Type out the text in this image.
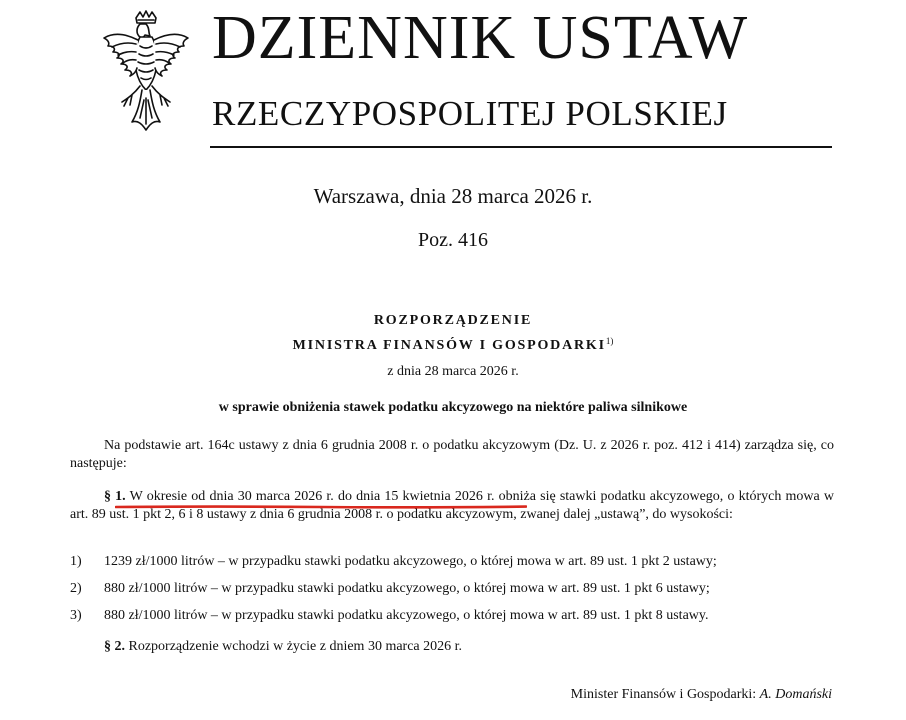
DZIENNIK USTAW
RZECZYPOSPOLITEJ POLSKIEJ
Warszawa, dnia 28 marca 2026 r.
Poz. 416
ROZPORZĄDZENIE
MINISTRA FINANSÓW I GOSPODARKI$^{1)}$
z dnia 28 marca 2026 r.
w sprawie obniżenia stawek podatku akcyzowego na niektóre paliwa silnikowe
Na podstawie art. 164c ustawy z dnia 6 grudnia 2008 r. o podatku akcyzowym (Dz. U. z 2026 r. poz. 412 i 414) zarządza się, co następuje:
§ 1. W okresie od dnia 30 marca 2026 r. do dnia 15 kwietnia 2026 r. obniża się stawki podatku akcyzowego, o których mowa w art. 89 ust. 1 pkt 2, 6 i 8 ustawy z dnia 6 grudnia 2008 r. o podatku akcyzowym, zwanej dalej „ustawą”, do wysokości:
1) 1239 zł/1000 litrów – w przypadku stawki podatku akcyzowego, o której mowa w art. 89 ust. 1 pkt 2 ustawy;
2) 880 zł/1000 litrów – w przypadku stawki podatku akcyzowego, o której mowa w art. 89 ust. 1 pkt 6 ustawy;
3) 880 zł/1000 litrów – w przypadku stawki podatku akcyzowego, o której mowa w art. 89 ust. 1 pkt 8 ustawy.
§ 2. Rozporządzenie wchodzi w życie z dniem 30 marca 2026 r.
Minister Finansów i Gospodarki: A. Domański
